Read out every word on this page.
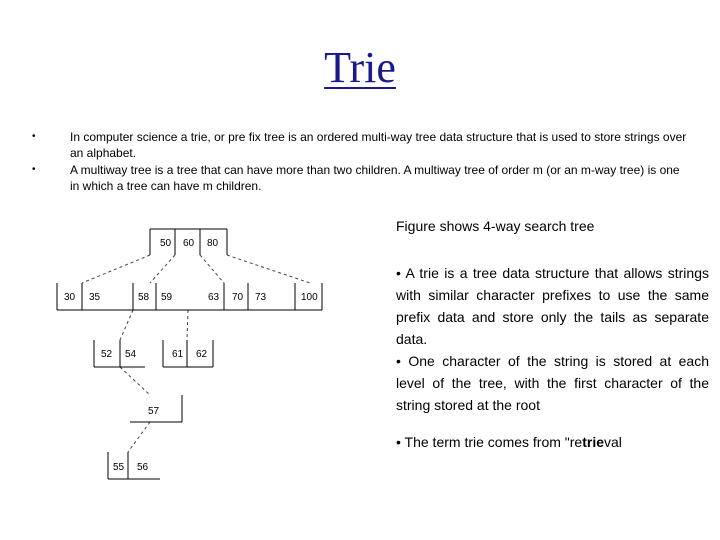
Trie
•	In computer science a trie, or pre fix tree is an ordered multi-way tree data structure that is used to store strings over an alphabet.
•	A multiway tree is a tree that can have more than two children. A multiway tree of order m (or an m-way tree) is one in which a tree can have m children.
50 60 80
30 35	58 59	63 70 73	100
52 54	61 62
57
55 56
Figure shows 4-way search tree

• A trie is a tree data structure that allows strings with similar character prefixes to use the same prefix data and store only the tails as separate data.

• One character of the string is stored at each level of the tree, with the first character of the string stored at the root

• The term trie comes from "retrieval
